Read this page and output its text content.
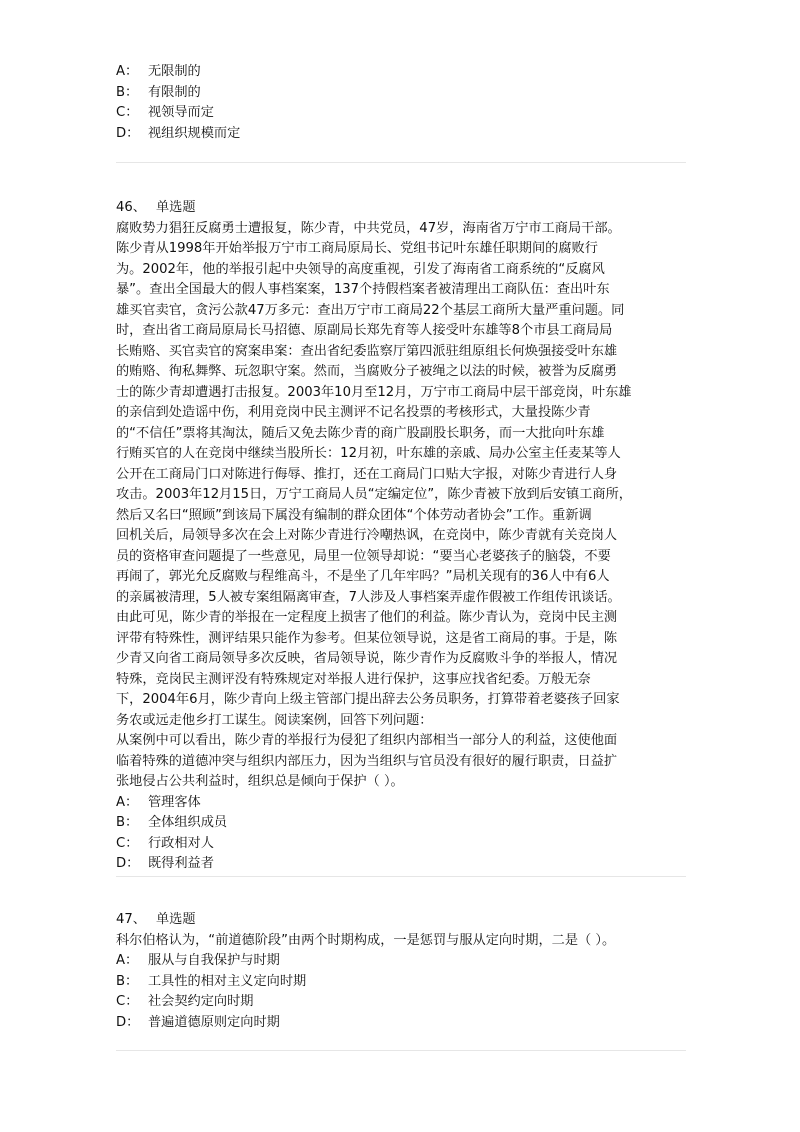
A： 无限制的
B： 有限制的
C： 视领导而定
D： 视组织规模而定
46、 单选题
腐败势力猖狂反腐勇士遭报复，陈少青，中共党员，47岁，海南省万宁市工商局干部。
陈少青从1998年开始举报万宁市工商局原局长、党组书记叶东雄任职期间的腐败行
为。2002年，他的举报引起中央领导的高度重视，引发了海南省工商系统的“反腐风
暴”。查出全国最大的假人事档案案，137个持假档案者被清理出工商队伍：查出叶东
雄买官卖官，贪污公款47万多元：查出万宁市工商局22个基层工商所大量严重问题。同
时，查出省工商局原局长马招德、原副局长郑先育等人接受叶东雄等8个市县工商局局
长贿赂、买官卖官的窝案串案：查出省纪委监察厅第四派驻组原组长何焕强接受叶东雄
的贿赂、徇私舞弊、玩忽职守案。然而，当腐败分子被绳之以法的时候，被誉为反腐勇
士的陈少青却遭遇打击报复。2003年10月至12月，万宁市工商局中层干部竞岗，叶东雄
的亲信到处造谣中伤，利用竞岗中民主测评不记名投票的考核形式，大量投陈少青
的“不信任”票将其淘汰，随后又免去陈少青的商广股副股长职务，而一大批向叶东雄
行贿买官的人在竞岗中继续当股所长：12月初，叶东雄的亲戚、局办公室主任麦某等人
公开在工商局门口对陈进行侮辱、推打，还在工商局门口贴大字报，对陈少青进行人身
攻击。2003年12月15日，万宁工商局人员“定编定位”，陈少青被下放到后安镇工商所，
然后又名曰“照顾”到该局下属没有编制的群众团体“个体劳动者协会”工作。重新调
回机关后，局领导多次在会上对陈少青进行冷嘲热讽，在竞岗中，陈少青就有关竞岗人
员的资格审查问题提了一些意见，局里一位领导却说：“要当心老婆孩子的脑袋，不要
再闹了，郭光允反腐败与程维高斗，不是坐了几年牢吗？”局机关现有的36人中有6人
的亲属被清理，5人被专案组隔离审查，7人涉及人事档案弄虚作假被工作组传讯谈话。
由此可见，陈少青的举报在一定程度上损害了他们的利益。陈少青认为，竞岗中民主测
评带有特殊性，测评结果只能作为参考。但某位领导说，这是省工商局的事。于是，陈
少青又向省工商局领导多次反映，省局领导说，陈少青作为反腐败斗争的举报人，情况
特殊，竞岗民主测评没有特殊规定对举报人进行保护，这事应找省纪委。万般无奈
下，2004年6月，陈少青向上级主管部门提出辞去公务员职务，打算带着老婆孩子回家
务农或远走他乡打工谋生。阅读案例，回答下列问题：
从案例中可以看出，陈少青的举报行为侵犯了组织内部相当一部分人的利益，这使他面
临着特殊的道德冲突与组织内部压力，因为当组织与官员没有很好的履行职责，日益扩
张地侵占公共利益时，组织总是倾向于保护（ ）。
A： 管理客体
B： 全体组织成员
C： 行政相对人
D： 既得利益者
47、 单选题
科尔伯格认为，“前道德阶段”由两个时期构成，一是惩罚与服从定向时期，二是（ ）。
A： 服从与自我保护与时期
B： 工具性的相对主义定向时期
C： 社会契约定向时期
D： 普遍道德原则定向时期
